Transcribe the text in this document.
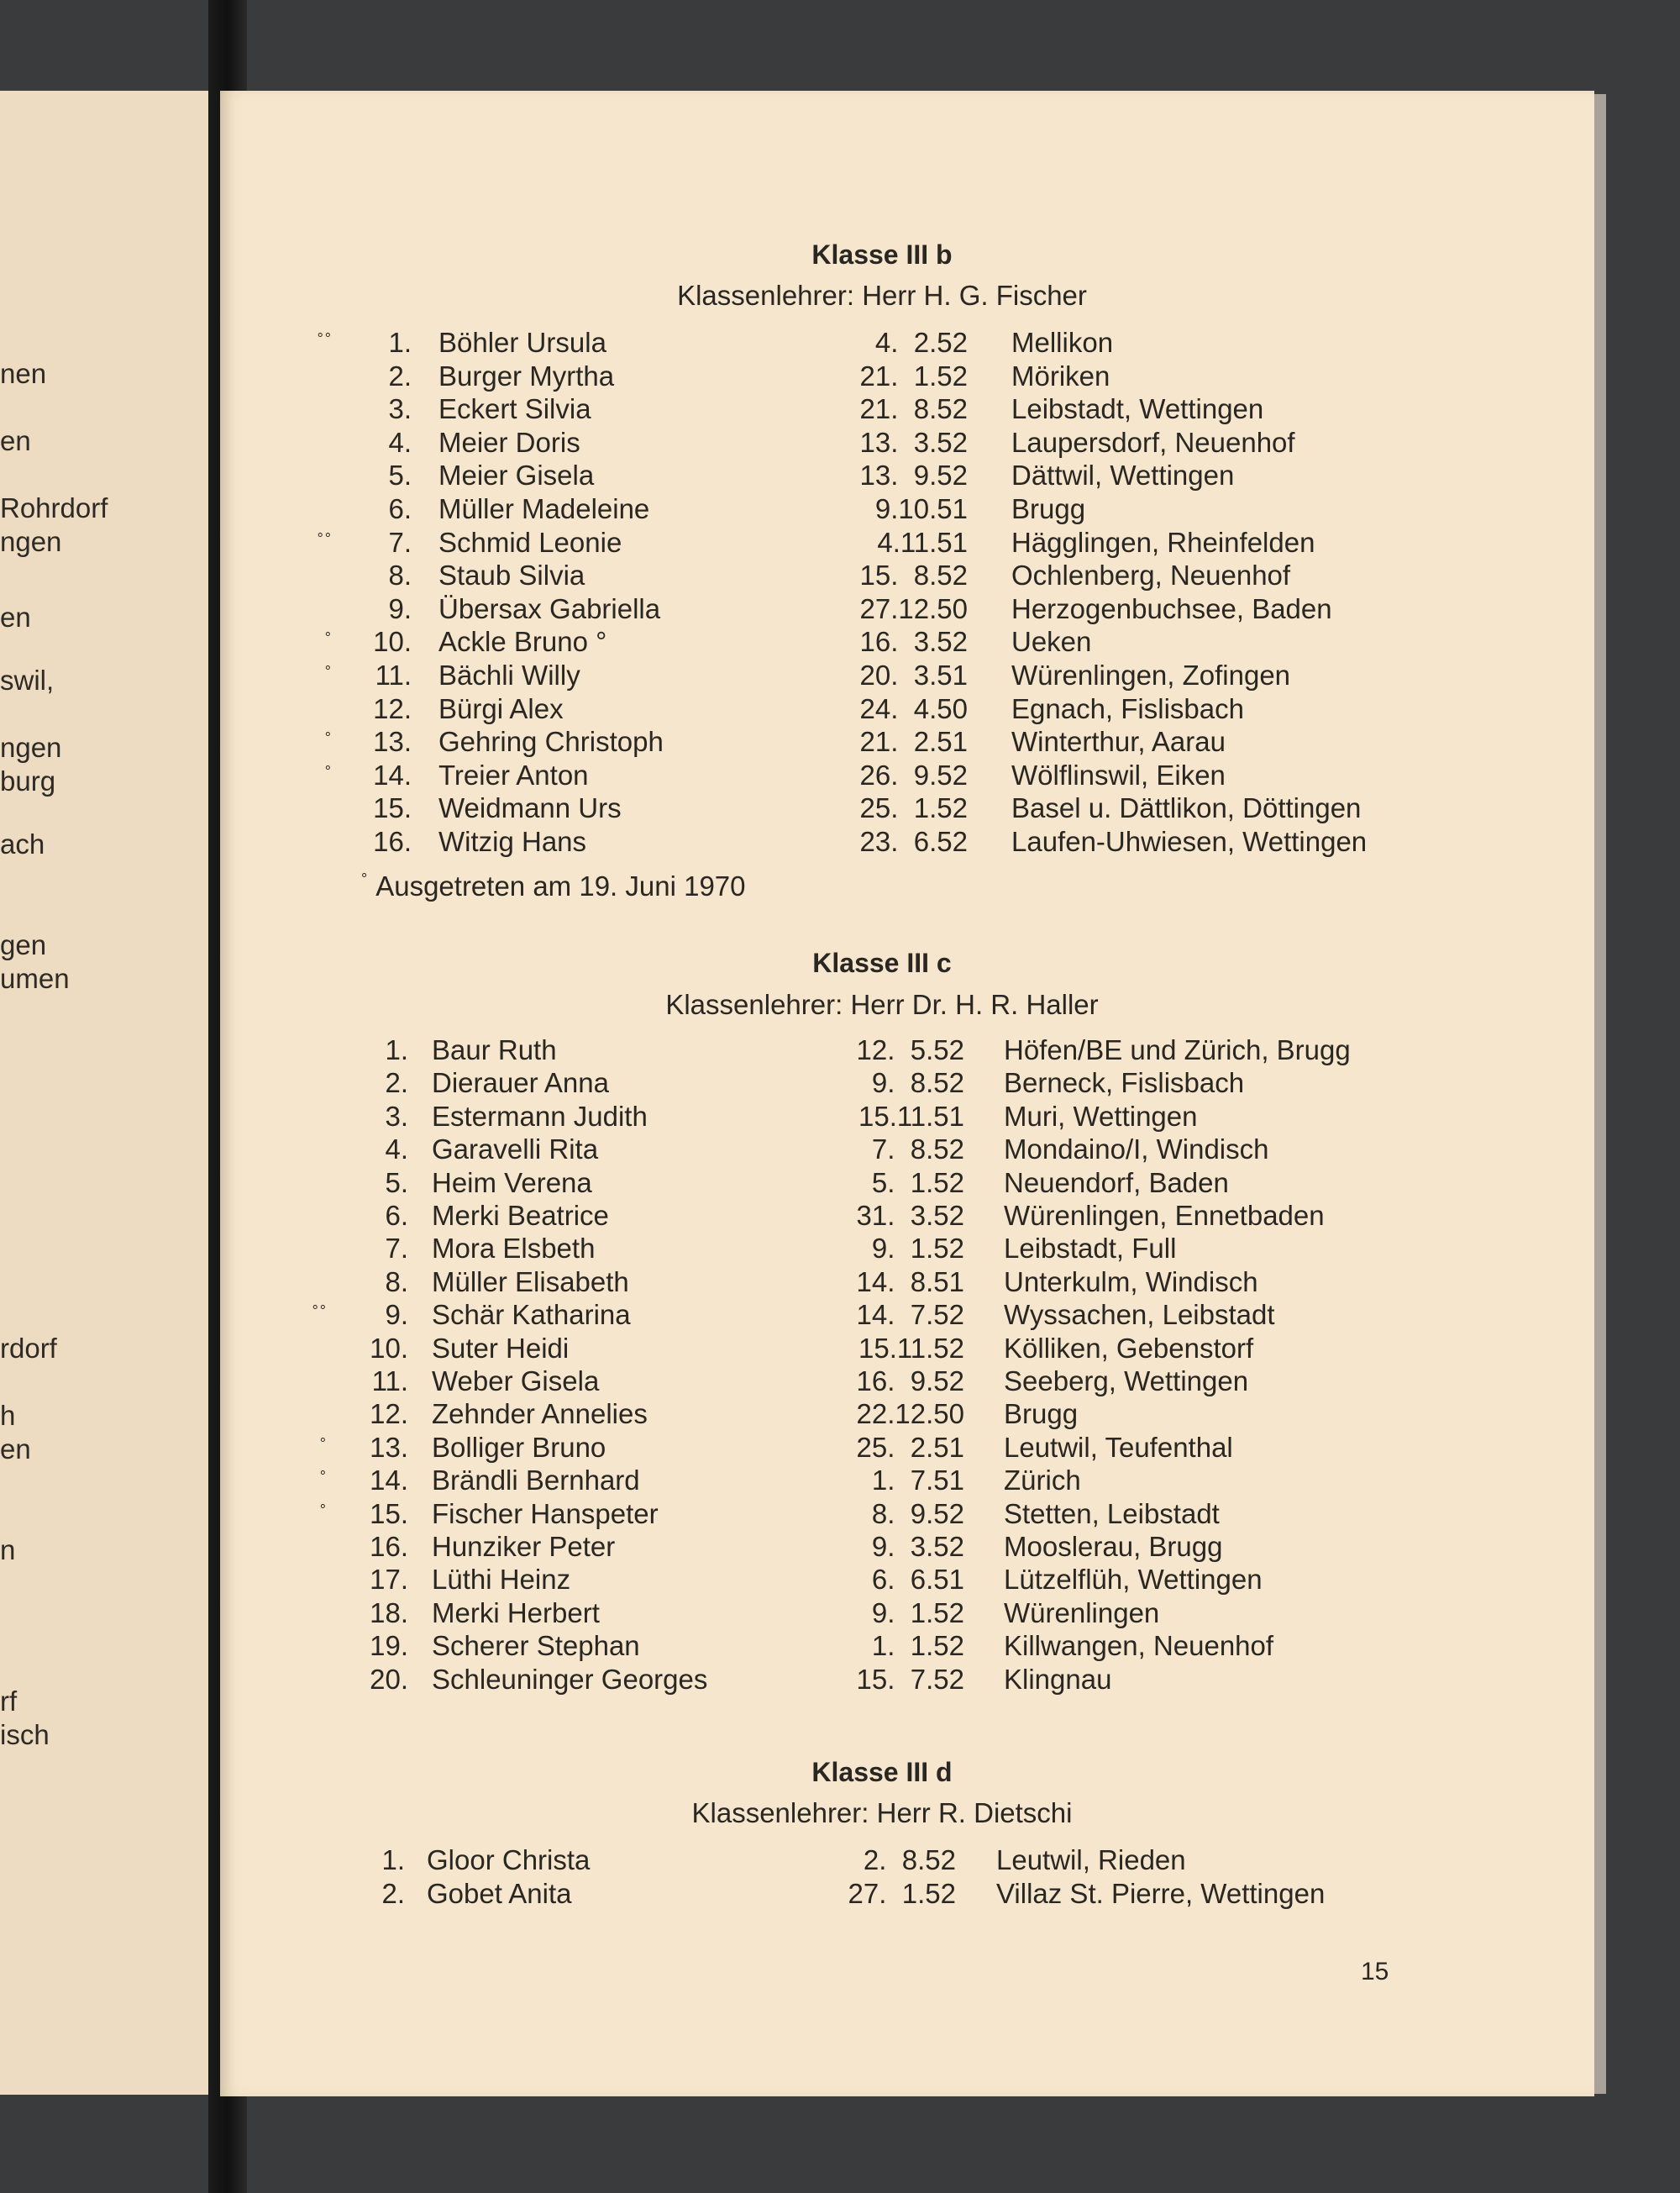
nen
en
Rohrdorf
ngen
en
swil,
ngen
burg
ach
gen
umen
rdorf
h
en
n
rf
isch
Klasse III b
Klassenlehrer: Herr H. G. Fischer
°°	1. Böhler Ursula	4.  2.52 Mellikon
2. Burger Myrtha	21.  1.52 Möriken
3. Eckert Silvia	21.  8.52 Leibstadt, Wettingen
4. Meier Doris	13.  3.52 Laupersdorf, Neuenhof
5. Meier Gisela	13.  9.52 Dättwil, Wettingen
6. Müller Madeleine	9.10.51 Brugg
°°	7. Schmid Leonie	4.11.51 Hägglingen, Rheinfelden
8. Staub Silvia	15.  8.52 Ochlenberg, Neuenhof
9. Übersax Gabriella	27.12.50 Herzogenbuchsee, Baden
°	10. Ackle Bruno °	16.  3.52 Ueken
°	11. Bächli Willy	20.  3.51 Würenlingen, Zofingen
12. Bürgi Alex	24.  4.50 Egnach, Fislisbach
°	13. Gehring Christoph	21.  2.51 Winterthur, Aarau
°	14. Treier Anton	26.  9.52 Wölflinswil, Eiken
15. Weidmann Urs	25.  1.52 Basel u. Dättlikon, Döttingen
16. Witzig Hans	23.  6.52 Laufen-Uhwiesen, Wettingen
° Ausgetreten am 19. Juni 1970
Klasse III c
Klassenlehrer: Herr Dr. H. R. Haller
1. Baur Ruth	12.  5.52 Höfen/BE und Zürich, Brugg
2. Dierauer Anna	9.  8.52 Berneck, Fislisbach
3. Estermann Judith	15.11.51 Muri, Wettingen
4. Garavelli Rita	7.  8.52 Mondaino/I, Windisch
5. Heim Verena	5.  1.52 Neuendorf, Baden
6. Merki Beatrice	31.  3.52 Würenlingen, Ennetbaden
7. Mora Elsbeth	9.  1.52 Leibstadt, Full
8. Müller Elisabeth	14.  8.51 Unterkulm, Windisch
°°	9. Schär Katharina	14.  7.52 Wyssachen, Leibstadt
10. Suter Heidi	15.11.52 Kölliken, Gebenstorf
11. Weber Gisela	16.  9.52 Seeberg, Wettingen
12. Zehnder Annelies	22.12.50 Brugg
°	13. Bolliger Bruno	25.  2.51 Leutwil, Teufenthal
°	14. Brändli Bernhard	1.  7.51 Zürich
°	15. Fischer Hanspeter	8.  9.52 Stetten, Leibstadt
16. Hunziker Peter	9.  3.52 Mooslerau, Brugg
17. Lüthi Heinz	6.  6.51 Lützelflüh, Wettingen
18. Merki Herbert	9.  1.52 Würenlingen
19. Scherer Stephan	1.  1.52 Killwangen, Neuenhof
20. Schleuninger Georges	15.  7.52 Klingnau
Klasse III d
Klassenlehrer: Herr R. Dietschi
1. Gloor Christa	2.  8.52 Leutwil, Rieden
2. Gobet Anita	27.  1.52 Villaz St. Pierre, Wettingen
15
